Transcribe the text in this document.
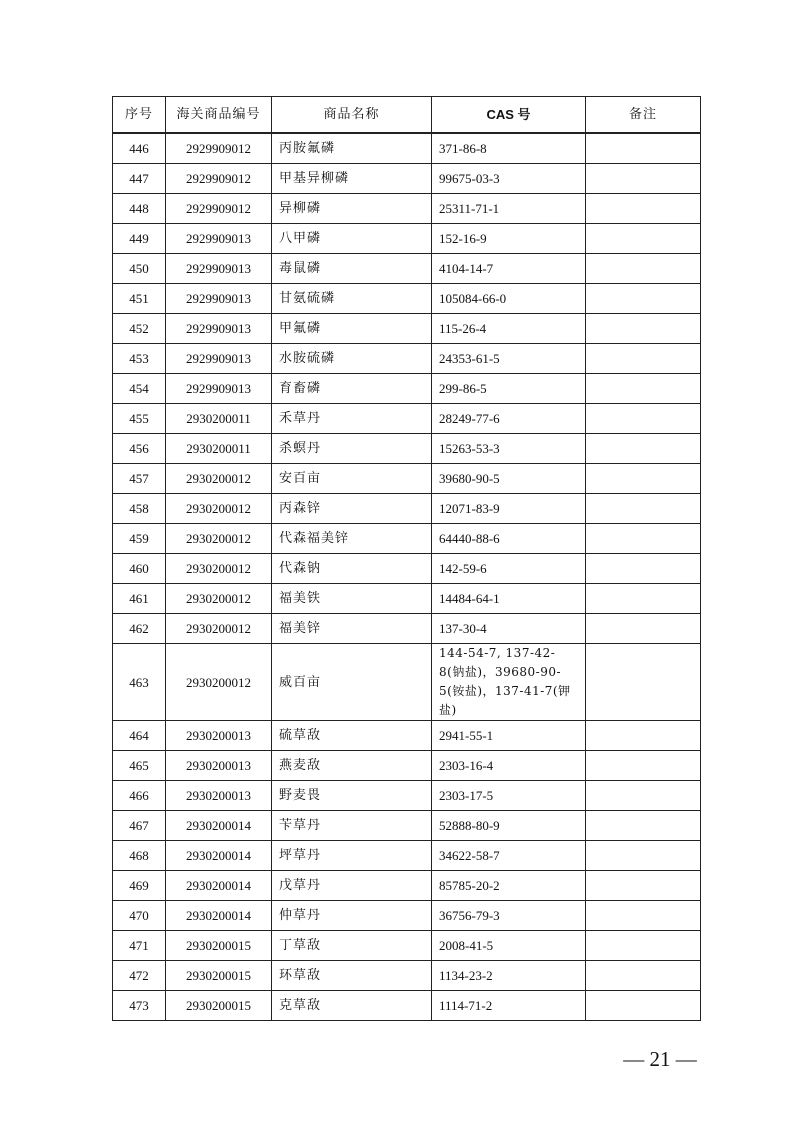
序号	海关商品编号	商品名称	CAS 号	备注
446	2929909012	丙胺氟磷	371-86-8	
447	2929909012	甲基异柳磷	99675-03-3	
448	2929909012	异柳磷	25311-71-1	
449	2929909013	八甲磷	152-16-9	
450	2929909013	毒鼠磷	4104-14-7	
451	2929909013	甘氨硫磷	105084-66-0	
452	2929909013	甲氟磷	115-26-4	
453	2929909013	水胺硫磷	24353-61-5	
454	2929909013	育畜磷	299-86-5	
455	2930200011	禾草丹	28249-77-6	
456	2930200011	杀螟丹	15263-53-3	
457	2930200012	安百亩	39680-90-5	
458	2930200012	丙森锌	12071-83-9	
459	2930200012	代森福美锌	64440-88-6	
460	2930200012	代森钠	142-59-6	
461	2930200012	福美铁	14484-64-1	
462	2930200012	福美锌	137-30-4	
463	2930200012	威百亩	144-54-7, 137-42-8(钠盐)，39680-90-5(铵盐)，137-41-7(钾盐)	
464	2930200013	硫草敌	2941-55-1	
465	2930200013	燕麦敌	2303-16-4	
466	2930200013	野麦畏	2303-17-5	
467	2930200014	苄草丹	52888-80-9	
468	2930200014	坪草丹	34622-58-7	
469	2930200014	戊草丹	85785-20-2	
470	2930200014	仲草丹	36756-79-3	
471	2930200015	丁草敌	2008-41-5	
472	2930200015	环草敌	1134-23-2	
473	2930200015	克草敌	1114-71-2	
— 21 —
